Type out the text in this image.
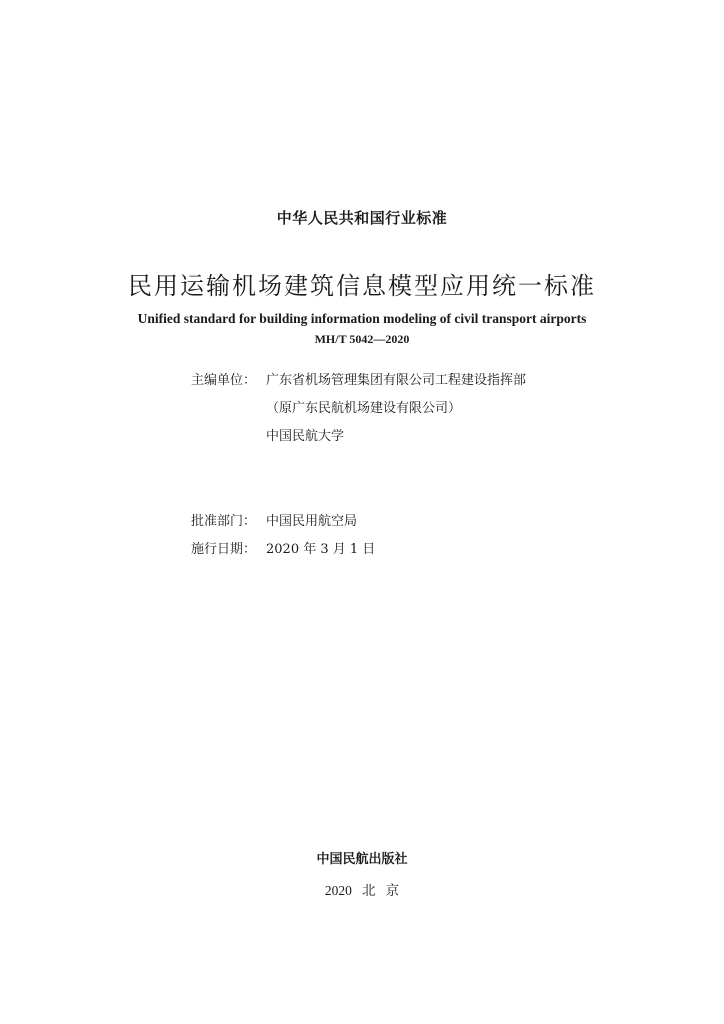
中华人民共和国行业标准
民用运输机场建筑信息模型应用统一标准
Unified standard for building information modeling of civil transport airports
MH/T 5042—2020
主编单位： 广东省机场管理集团有限公司工程建设指挥部
（原广东民航机场建设有限公司）
中国民航大学
批准部门： 中国民用航空局
施行日期： 2020 年 3 月 1 日
中国民航出版社
2020   北   京
